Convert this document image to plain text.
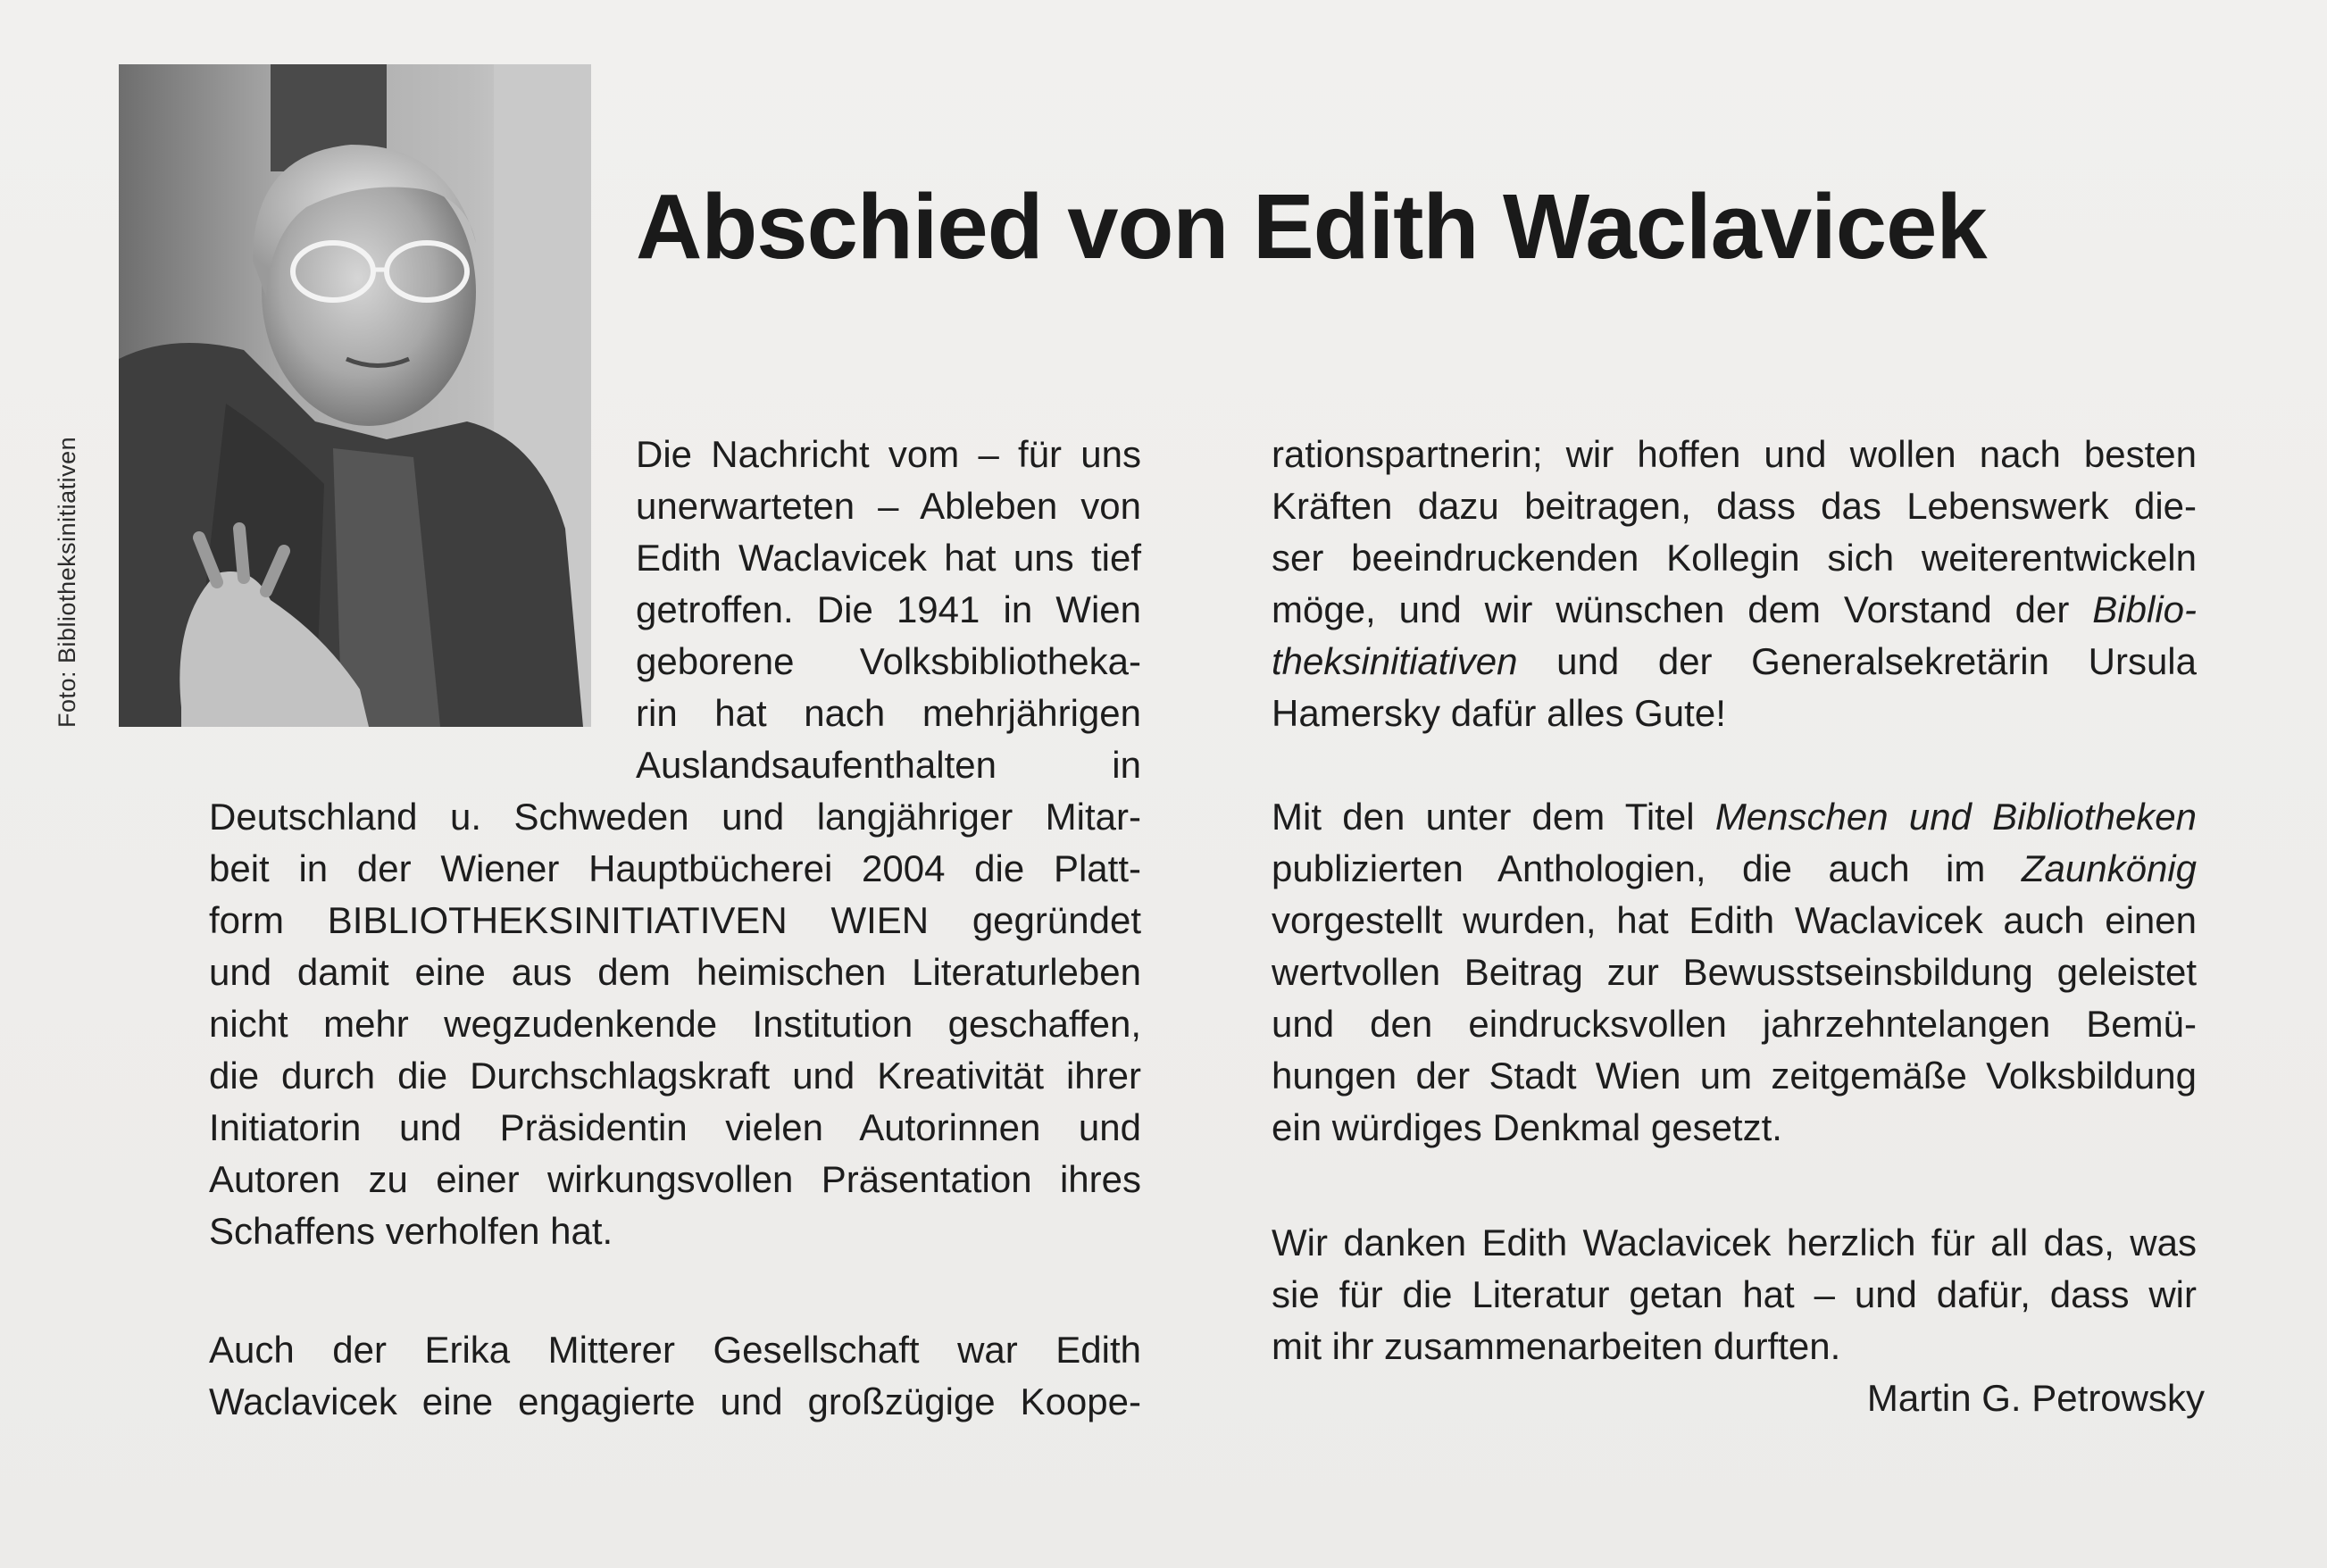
Foto: Bibliotheksinitiativen
Abschied von Edith Waclavicek
Die Nachricht vom – für uns
unerwarteten – Ableben von
Edith Waclavicek hat uns tief
getroffen. Die 1941 in Wien
geborene Volksbibliotheka-
rin hat nach mehrjährigen
Auslandsaufenthalten in
Deutschland u. Schweden und langjähriger Mitar-
beit in der Wiener Hauptbücherei 2004 die Platt-
form BIBLIOTHEKSINITIATIVEN WIEN gegründet
und damit eine aus dem heimischen Literaturleben
nicht mehr wegzudenkende Institution geschaffen,
die durch die Durchschlagskraft und Kreativität ihrer
Initiatorin und Präsidentin vielen Autorinnen und
Autoren zu einer wirkungsvollen Präsentation ihres
Schaffens verholfen hat.
Auch der Erika Mitterer Gesellschaft war Edith
Waclavicek eine engagierte und großzügige Koope-
rationspartnerin; wir hoffen und wollen nach besten
Kräften dazu beitragen, dass das Lebenswerk die-
ser beeindruckenden Kollegin sich weiterentwickeln
möge, und wir wünschen dem Vorstand der Biblio-
theksinitiativen und der Generalsekretärin Ursula
Hamersky dafür alles Gute!
Mit den unter dem Titel Menschen und Bibliotheken
publizierten Anthologien, die auch im Zaunkönig
vorgestellt wurden, hat Edith Waclavicek auch einen
wertvollen Beitrag zur Bewusstseinsbildung geleistet
und den eindrucksvollen jahrzehntelangen Bemü-
hungen der Stadt Wien um zeitgemäße Volksbildung
ein würdiges Denkmal gesetzt.
Wir danken Edith Waclavicek herzlich für all das, was
sie für die Literatur getan hat – und dafür, dass wir
mit ihr zusammenarbeiten durften.
Martin G. Petrowsky
